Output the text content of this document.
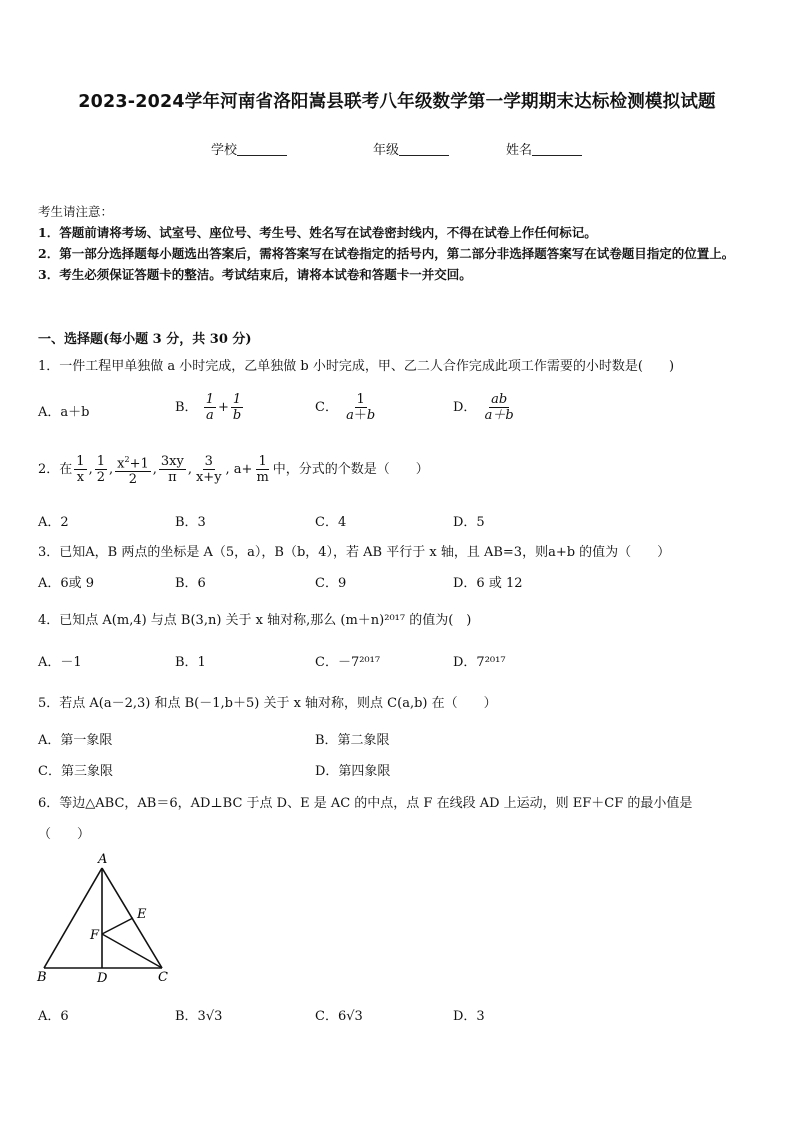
2023-2024学年河南省洛阳嵩县联考八年级数学第一学期期末达标检测模拟试题
学校	年级	姓名
考生请注意：
1．答题前请将考场、试室号、座位号、考生号、姓名写在试卷密封线内，不得在试卷上作任何标记。
2．第一部分选择题每小题选出答案后，需将答案写在试卷指定的括号内，第二部分非选择题答案写在试卷题目指定的位置上。
3．考生必须保证答题卡的整洁。考试结束后，请将本试卷和答题卡一并交回。
一、选择题(每小题 3 分，共 30 分)
1．一件工程甲单独做 a 小时完成，乙单独做 b 小时完成，甲、乙二人合作完成此项工作需要的小时数是(　　)
A．a＋b	B． $\frac{1}{a} + \frac{1}{b}$	C． $\frac{1}{a+b}$	D． $\frac{ab}{a+b}$
2．在 $\frac{1}{x}$ , $\frac{1}{2}$ , $\frac{x^2+1}{2}$ , $\frac{3xy}{\pi}$ , $\frac{3}{x+y}$ , $a+ \frac{1}{m}$ 中，分式的个数是（　　）
A．2	B．3	C．4	D．5
3．已知A，B 两点的坐标是 A（5，a），B（b，4），若 AB 平行于 x 轴，且 AB=3，则a+b 的值为（　　）
A．6或 9	B．6	C．9	D．6 或 12
4．已知点 A(m,4) 与点 B(3,n) 关于 x 轴对称,那么 (m＋n)²⁰¹⁷ 的值为(　)
A．－1	B．1	C．－7²⁰¹⁷	D．7²⁰¹⁷
5．若点 A(a－2,3) 和点 B(－1,b＋5) 关于 x 轴对称，则点 C(a,b) 在（　　）
A．第一象限	B．第二象限
C．第三象限	D．第四象限
6．等边△ABC，AB＝6，AD⊥BC 于点 D、E 是 AC 的中点，点 F 在线段 AD 上运动，则 EF＋CF 的最小值是
（　　）
A
B	C
D
E
F
A．6	B．3√3	C．6√3	D．3
